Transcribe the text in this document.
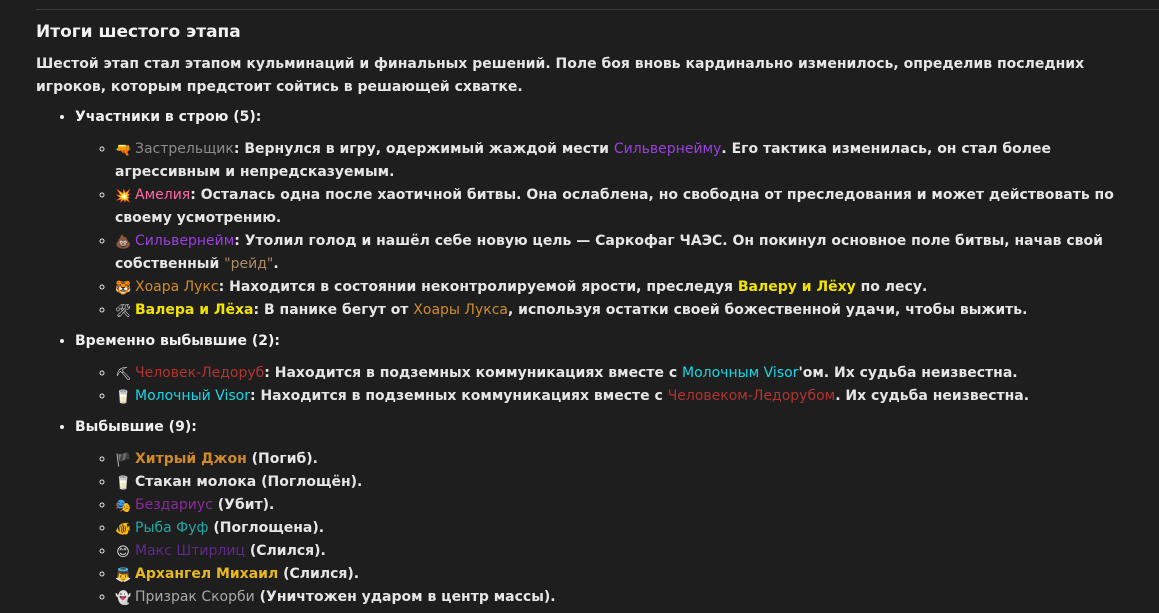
Итоги шестого этапа

Шестой этап стал этапом кульминаций и финальных решений. Поле боя вновь кардинально изменилось, определив последних игроков, которым предстоит сойтись в решающей схватке.

• Участники в строю (5):
◦ 🔫 Застрельщик: Вернулся в игру, одержимый жаждой мести Сильвернейму. Его тактика изменилась, он стал более агрессивным и непредсказуемым.
◦ 💥 Амелия: Осталась одна после хаотичной битвы. Она ослаблена, но свободна от преследования и может действовать по своему усмотрению.
◦ 💩 Сильвернейм: Утолил голод и нашёл себе новую цель — Саркофаг ЧАЭС. Он покинул основное поле битвы, начав свой собственный "рейд".
◦ 🐯 Хоара Лукс: Находится в состоянии неконтролируемой ярости, преследуя Валеру и Лёху по лесу.
◦ 🛠 Валера и Лёха: В панике бегут от Хоары Лукса, используя остатки своей божественной удачи, чтобы выжить.
• Временно выбывшие (2):
◦ ⛏ Человек-Ледоруб: Находится в подземных коммуникациях вместе с Молочным Visor'ом. Их судьба неизвестна.
◦ 🥛 Молочный Visor: Находится в подземных коммуникациях вместе с Человеком-Ледорубом. Их судьба неизвестна.
• Выбывшие (9):
◦ 🏴 Хитрый Джон (Погиб).
◦ 🥛 Стакан молока (Поглощён).
◦ 🎭 Бездариус (Убит).
◦ 🐠 Рыба Фуф (Поглощена).
◦ 😊 Макс Штирлиц (Слился).
◦ 👼 Архангел Михаил (Слился).
◦ 👻 Призрак Скорби (Уничтожен ударом в центр массы).
